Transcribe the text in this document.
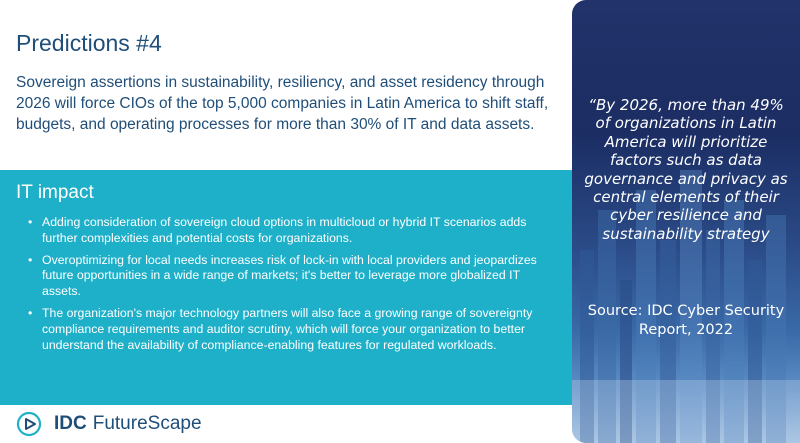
Predictions #4
Sovereign assertions in sustainability, resiliency, and asset residency through 2026 will force CIOs of the top 5,000 companies in Latin America to shift staff, budgets, and operating processes for more than 30% of IT and data assets.
IT impact
• Adding consideration of sovereign cloud options in multicloud or hybrid IT scenarios adds further complexities and potential costs for organizations.
• Overoptimizing for local needs increases risk of lock-in with local providers and jeopardizes future opportunities in a wide range of markets; it's better to leverage more globalized IT assets.
• The organization's major technology partners will also face a growing range of sovereignty compliance requirements and auditor scrutiny, which will force your organization to better understand the availability of compliance-enabling features for regulated workloads.
“By 2026, more than 49% of organizations in Latin America will prioritize factors such as data governance and privacy as central elements of their cyber resilience and sustainability strategy
Source: IDC Cyber Security Report, 2022
IDC FutureScape
